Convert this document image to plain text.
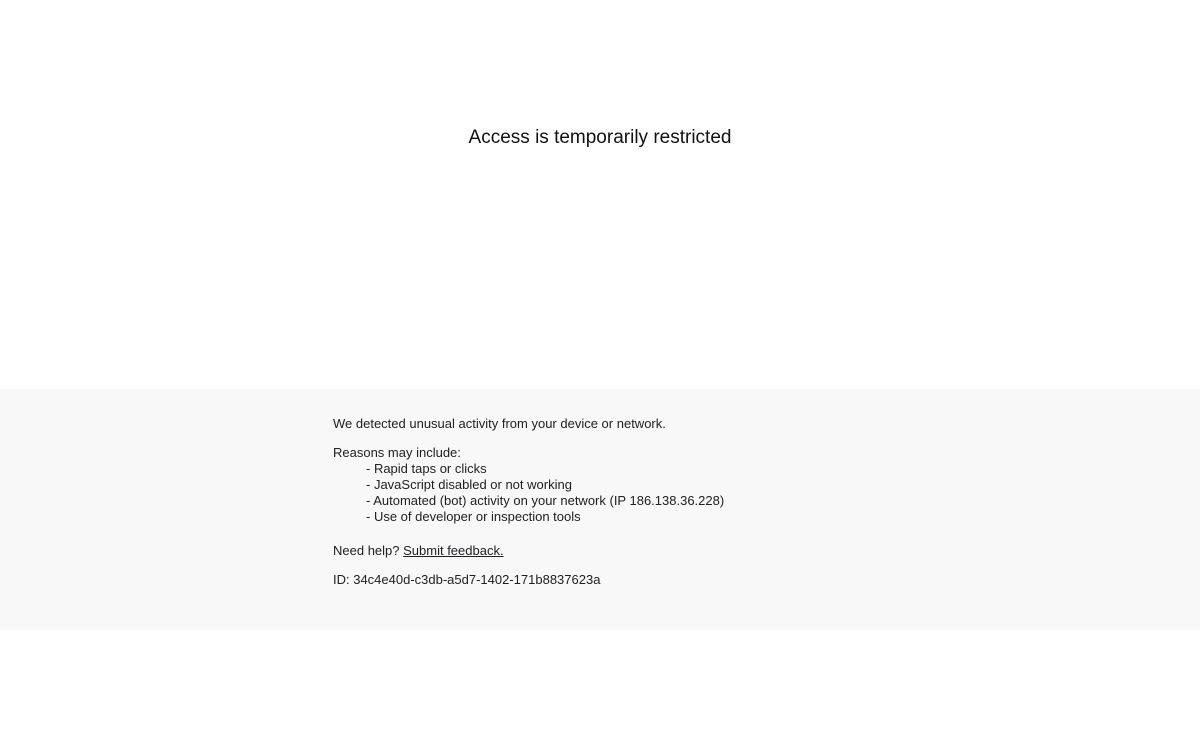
Access is temporarily restricted

We detected unusual activity from your device or network.

Reasons may include:

- Rapid taps or clicks
- JavaScript disabled or not working
- Automated (bot) activity on your network (IP 186.138.36.228)
- Use of developer or inspection tools

Need help? Submit feedback.

ID: 34c4e40d-c3db-a5d7-1402-171b8837623a
